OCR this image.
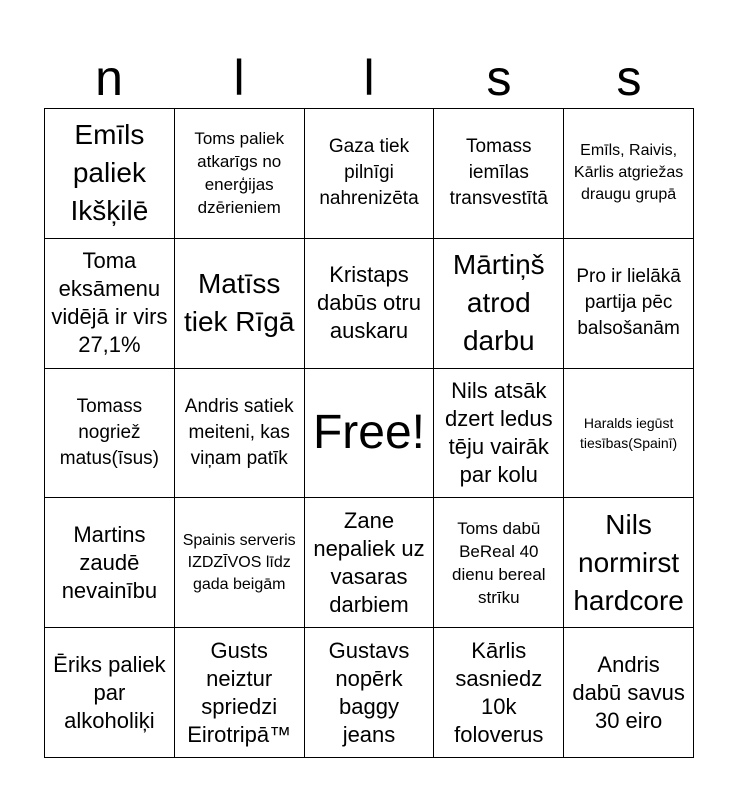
n	l	l	s	s
Emīls paliek Ikšķilē
Toms paliek atkarīgs no enerģijas dzērieniem
Gaza tiek pilnīgi nahrenizēta
Tomass iemīlas transvestītā
Emīls, Raivis, Kārlis atgriežas draugu grupā
Toma eksāmenu vidējā ir virs 27,1%
Matīss tiek Rīgā
Kristaps dabūs otru auskaru
Mārtiņš atrod darbu
Pro ir lielākā partija pēc balsošanām
Tomass nogriež matus(īsus)
Andris satiek meiteni, kas viņam patīk Free!
Nils atsāk dzert ledus tēju vairāk par kolu
Haralds iegūst tiesības(Spainī)
Martins zaudē nevainību
Spainis serveris IZDZĪVOS līdz gada beigām
Zane nepaliek uz vasaras darbiem
Toms dabū BeReal 40 dienu bereal strīku
Nils normirst hardcore
Ēriks paliek par alkoholiķi
Gusts neiztur spriedzi Eirotripā™
Gustavs nopērk baggy jeans
Kārlis sasniedz 10k foloverus
Andris dabū savus 30 eiro
